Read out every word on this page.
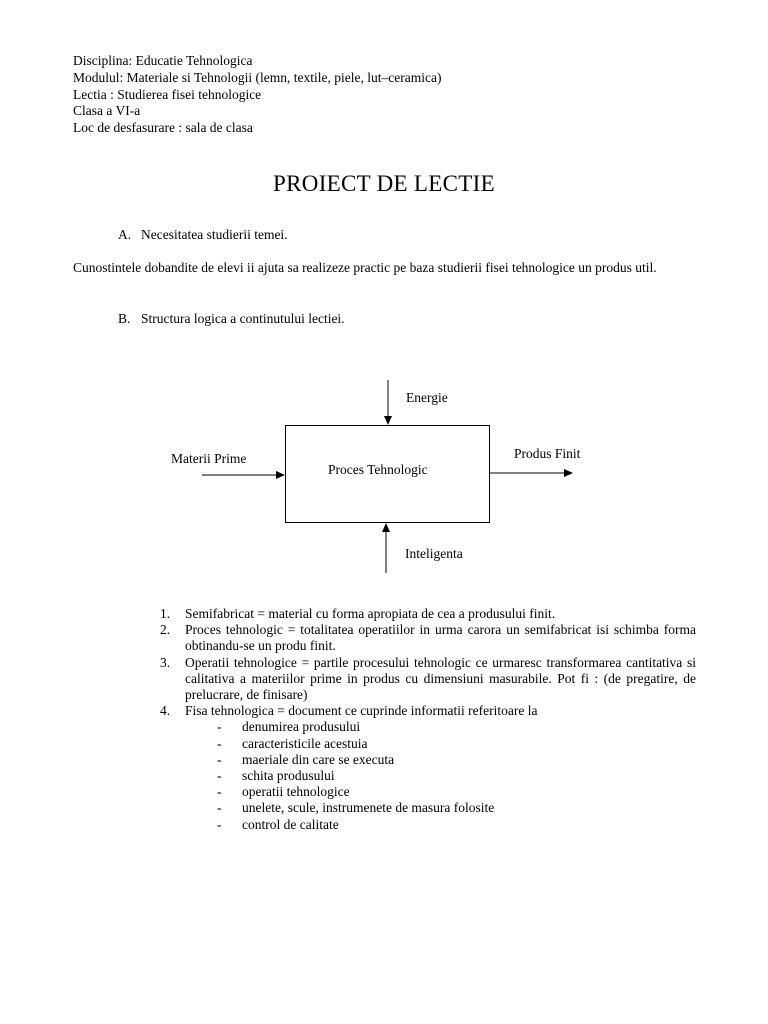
Disciplina: Educatie Tehnologica
Modulul: Materiale si Tehnologii (lemn, textile, piele, lut–ceramica)
Lectia : Studierea fisei tehnologice
Clasa a VI-a
Loc de desfasurare : sala de clasa
PROIECT DE LECTIE
A. Necesitatea studierii temei.
Cunostintele dobandite de elevi ii ajuta sa realizeze practic pe baza studierii fisei tehnologice un produs util.
B. Structura logica a continutului lectiei.
Energie
Materii Prime
Proces Tehnologic
Produs Finit
Inteligenta
1. Semifabricat = material cu forma apropiata de cea a produsului finit.
2. Proces tehnologic = totalitatea operatiilor in urma carora un semifabricat isi schimba forma obtinandu-se un produ finit.
3. Operatii tehnologice = partile procesului tehnologic ce urmaresc transformarea cantitativa si calitativa a materiilor prime in produs cu dimensiuni masurabile. Pot fi : (de pregatire, de prelucrare, de finisare)
4. Fisa tehnologica = document ce cuprinde informatii referitoare la
- denumirea produsului
- caracteristicile acestuia
- maeriale din care se executa
- schita produsului
- operatii tehnologice
- unelete, scule, instrumenete de masura folosite
- control de calitate
